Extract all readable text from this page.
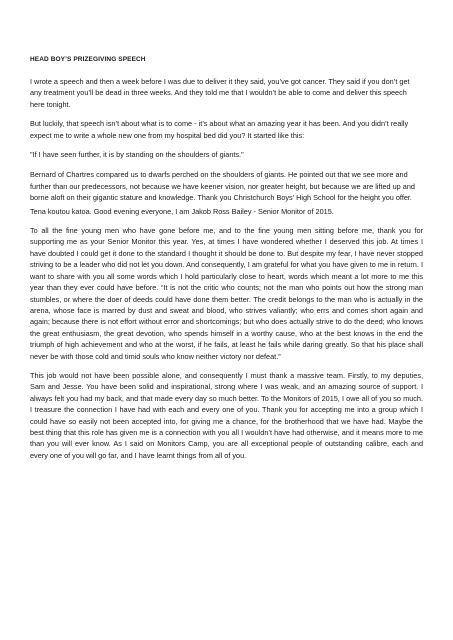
HEAD BOY’S PRIZEGIVING SPEECH

I wrote a speech and then a week before I was due to deliver it they said, you’ve got cancer. They said if you don’t get any treatment you’ll be dead in three weeks. And they told me that I wouldn’t be able to come and deliver this speech here tonight.

But luckily, that speech isn’t about what is to come - it’s about what an amazing year it has been. And you didn’t really expect me to write a whole new one from my hospital bed did you? It started like this:

"If I have seen further, it is by standing on the shoulders of giants."

Bernard of Chartres compared us to dwarfs perched on the shoulders of giants. He pointed out that we see more and further than our predecessors, not because we have keener vision, nor greater height, but because we are lifted up and borne aloft on their gigantic stature and knowledge. Thank you Christchurch Boys’ High School for the height you offer.

Tena koutou katoa. Good evening everyone, I am Jakob Ross Bailey - Senior Monitor of 2015.

To all the fine young men who have gone before me, and to the fine young men sitting before me, thank you for supporting me as your Senior Monitor this year. Yes, at times I have wondered whether I deserved this job. At times I have doubted I could get it done to the standard I thought it should be done to. But despite my fear, I have never stopped striving to be a leader who did not let you down. And consequently, I am grateful for what you have given to me in return. I want to share with you all some words which I hold particularly close to heart, words which meant a lot more to me this year than they ever could have before. “It is not the critic who counts; not the man who points out how the strong man stumbles, or where the doer of deeds could have done them better. The credit belongs to the man who is actually in the arena, whose face is marred by dust and sweat and blood, who strives valiantly; who errs and comes short again and again; because there is not effort without error and shortcomings; but who does actually strive to do the deed; who knows the great enthusiasm, the great devotion, who spends himself in a worthy cause, who at the best knows in the end the triumph of high achievement and who at the worst, if he fails, at least he fails while daring greatly. So that his place shall never be with those cold and timid souls who know neither victory nor defeat.”

This job would not have been possible alone, and consequently I must thank a massive team. Firstly, to my deputies, Sam and Jesse. You have been solid and inspirational, strong where I was weak, and an amazing source of support. I always felt you had my back, and that made every day so much better. To the Monitors of 2015, I owe all of you so much. I treasure the connection I have had with each and every one of you. Thank you for accepting me into a group which I could have so easily not been accepted into, for giving me a chance, for the brotherhood that we have had. Maybe the best thing that this role has given me is a connection with you all I wouldn’t have had otherwise, and it means more to me than you will ever know. As I said on Monitors Camp, you are all exceptional people of outstanding calibre, each and every one of you will go far, and I have learnt things from all of you.
